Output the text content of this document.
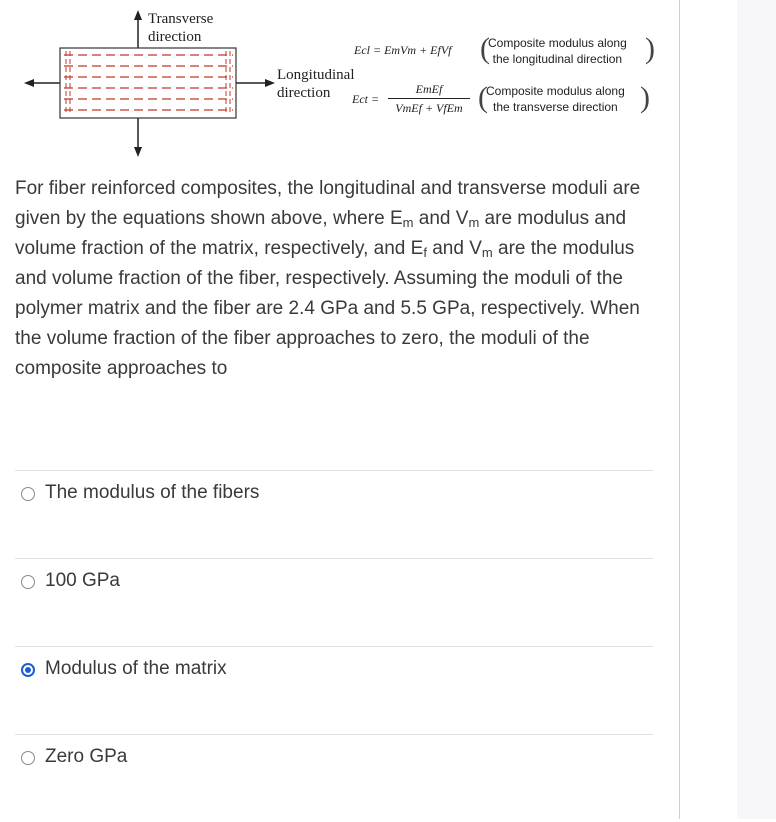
Transverse
direction
Longitudinal
direction
Ecl = EmVm + EfVf (
Composite modulus along
the longitudinal direction )
Ect =
EmEf
VmEf + VfEm (
Composite modulus along
the transverse direction )
For fiber reinforced composites, the longitudinal and transverse moduli are given by the equations shown above, where $E_m$ and $V_m$ are modulus and volume fraction of the matrix, respectively, and $E_f$ and $V_m$ are the modulus and volume fraction of the fiber, respectively. Assuming the moduli of the polymer matrix and the fiber are 2.4 GPa and 5.5 GPa, respectively. When the volume fraction of the fiber approaches to zero, the moduli of the composite approaches to
The modulus of the fibers
100 GPa
Modulus of the matrix
Zero GPa
